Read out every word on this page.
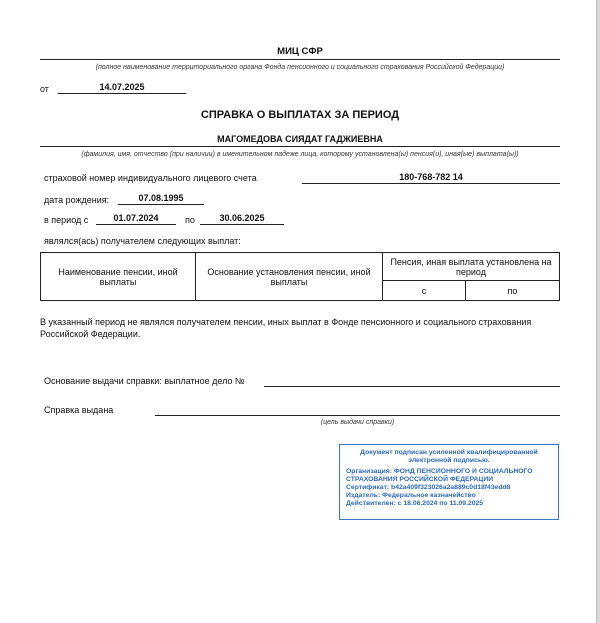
МИЦ СФР
(полное наименование территориального органа Фонда пенсионного и социального страхования Российской Федерации)
от	14.07.2025
СПРАВКА О ВЫПЛАТАХ ЗА ПЕРИОД
МАГОМЕДОВА СИЯДАТ ГАДЖИЕВНА
(фамилия, имя, отчество (при наличии) в именительном падеже лица, которому установлена(ы) пенсия(и), иная(ые) выплата(ы))
страховой номер индивидуального лицевого счета	180-768-782 14
дата рождения:	07.08.1995
в период с	01.07.2024	по	30.06.2025
являлся(ась) получателем следующих выплат:
Наименование пенсии, иной выплаты	Основание установления пенсии, иной выплаты	Пенсия, иная выплата установлена на период	
		с	по
В указанный период не являлся получателем пенсии, иных выплат в Фонде пенсионного и социального страхования Российской Федерации.
Основание выдачи справки: выплатное дело №
Справка выдана
(цель выдачи справки)
Документ подписан усиленной квалифицированной электронной подписью.
Организация: ФОНД ПЕНСИОННОГО И СОЦИАЛЬНОГО СТРАХОВАНИЯ РОССИЙСКОЙ ФЕДЕРАЦИИ
Сертификат: b42a409f323026a2a889c0d18f43edd8
Издатель: Федеральное казначейство
Действителен: с 18.06.2024 по 11.09.2025
